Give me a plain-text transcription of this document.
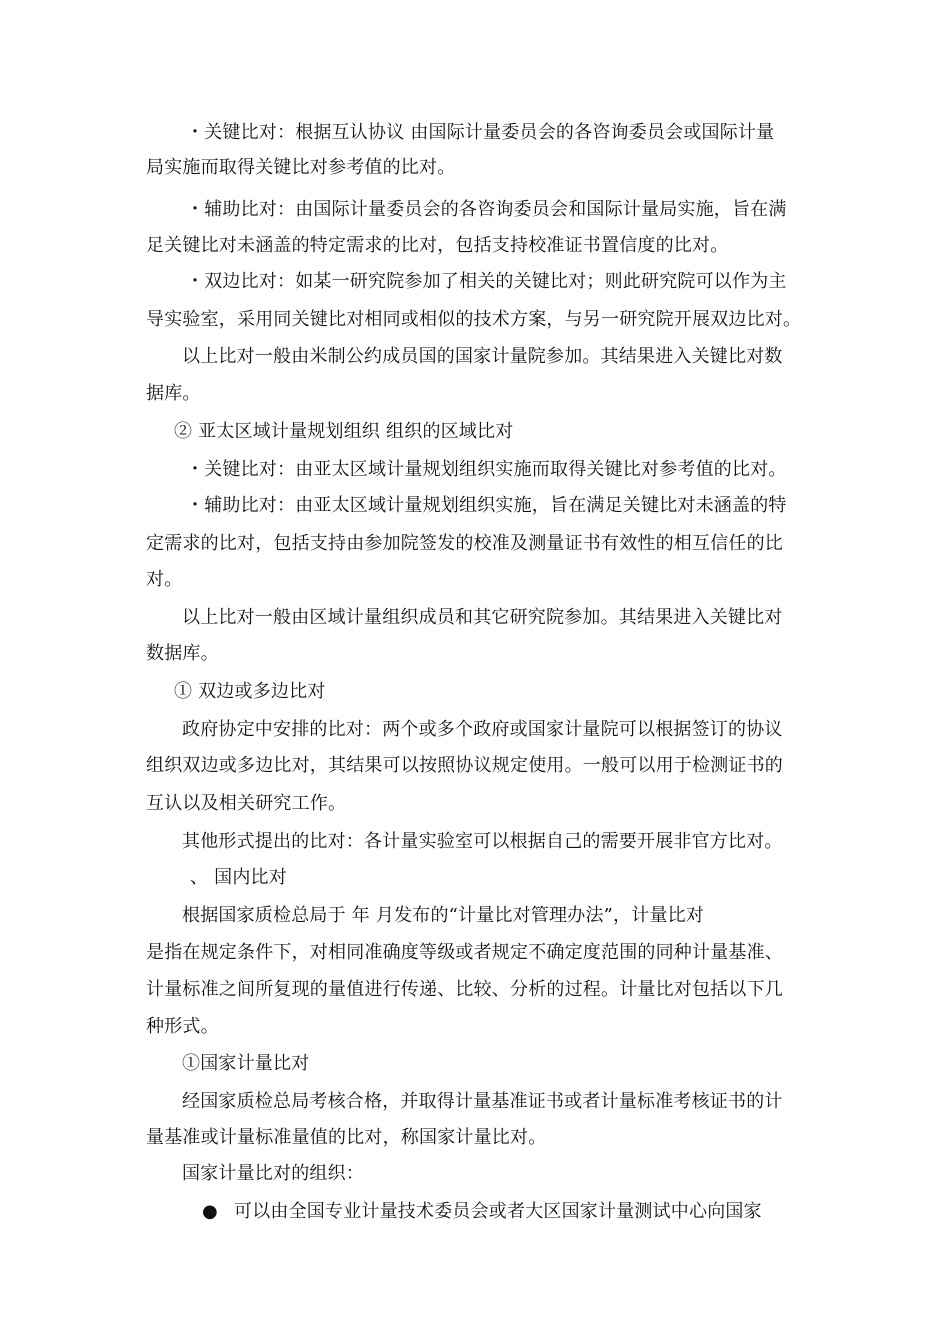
・关键比对：根据互认协议 由国际计量委员会的各咨询委员会或国际计量
局实施而取得关键比对参考值的比对。
・辅助比对：由国际计量委员会的各咨询委员会和国际计量局实施，旨在满
足关键比对未涵盖的特定需求的比对，包括支持校准证书置信度的比对。
・双边比对：如某一研究院参加了相关的关键比对；则此研究院可以作为主
导实验室，采用同关键比对相同或相似的技术方案，与另一研究院开展双边比对。
以上比对一般由米制公约成员国的国家计量院参加。其结果进入关键比对数
据库。
② 亚太区域计量规划组织 组织的区域比对
・关键比对：由亚太区域计量规划组织实施而取得关键比对参考值的比对。
・辅助比对：由亚太区域计量规划组织实施，旨在满足关键比对未涵盖的特
定需求的比对，包括支持由参加院签发的校准及测量证书有效性的相互信任的比
对。
以上比对一般由区域计量组织成员和其它研究院参加。其结果进入关键比对
数据库。
① 双边或多边比对
政府协定中安排的比对：两个或多个政府或国家计量院可以根据签订的协议
组织双边或多边比对，其结果可以按照协议规定使用。一般可以用于检测证书的
互认以及相关研究工作。
其他形式提出的比对：各计量实验室可以根据自己的需要开展非官方比对。
、 国内比对
根据国家质检总局于 年 月发布的“计量比对管理办法”，计量比对
是指在规定条件下，对相同准确度等级或者规定不确定度范围的同种计量基准、
计量标准之间所复现的量值进行传递、比较、分析的过程。计量比对包括以下几
种形式。
①国家计量比对
经国家质检总局考核合格，并取得计量基准证书或者计量标准考核证书的计
量基准或计量标准量值的比对，称国家计量比对。
国家计量比对的组织：
● 可以由全国专业计量技术委员会或者大区国家计量测试中心向国家
